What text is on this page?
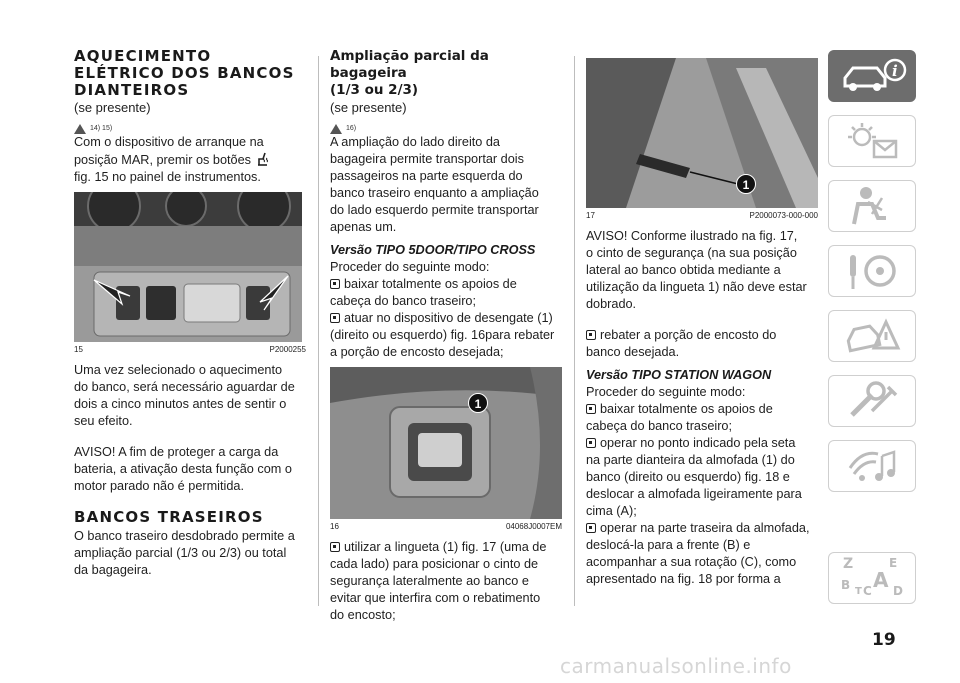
AQUECIMENTO
ELÉTRICO DOS BANCOS
DIANTEIROS
(se presente)
14) 15)

Com o dispositivo de arranque na

posição MAR, premir os botões

fig. 15 no painel de instrumentos.

15	P2000255

Uma vez selecionado o aquecimento

do banco, será necessário aguardar de

dois a cinco minutos antes de sentir o

seu efeito.

AVISO! A fim de proteger a carga da

bateria, a ativação desta função com o

motor parado não é permitida.

BANCOS TRASEIROS

O banco traseiro desdobrado permite a

ampliação parcial (1/3 ou 2/3) ou total

da bagageira.

Ampliação parcial da bagageira
(1/3 ou 2/3)
(se presente)
16)

A ampliação do lado direito da

bagageira permite transportar dois

passageiros na parte esquerda do

banco traseiro enquanto a ampliação

do lado esquerdo permite transportar

apenas um.

Versão TIPO 5DOOR/TIPO CROSS

Proceder do seguinte modo:

baixar totalmente os apoios de

cabeça do banco traseiro;

atuar no dispositivo de desengate (1)

(direito ou esquerdo) fig. 16para rebater

a porção de encosto desejada;

1
16	04068J0007EM

utilizar a lingueta (1) fig. 17 (uma de

cada lado) para posicionar o cinto de

segurança lateralmente ao banco e

evitar que interfira com o rebatimento

do encosto;

1
17	P2000073-000-000

AVISO! Conforme ilustrado na fig. 17,

o cinto de segurança (na sua posição

lateral ao banco obtida mediante a

utilização da lingueta 1) não deve estar

dobrado.

rebater a porção de encosto do

banco desejada.

Versão TIPO STATION WAGON

Proceder do seguinte modo:

baixar totalmente os apoios de

cabeça do banco traseiro;

operar no ponto indicado pela seta

na parte dianteira da almofada (1) do

banco (direito ou esquerdo) fig. 18 e

deslocar a almofada ligeiramente para

cima (A);

operar na parte traseira da almofada,

deslocá-la para a frente (B) e

acompanhar a sua rotação (C), como

apresentado na fig. 18 por forma a

i
Z	E
B A
C
T	D
19
carmanualsonline.info
